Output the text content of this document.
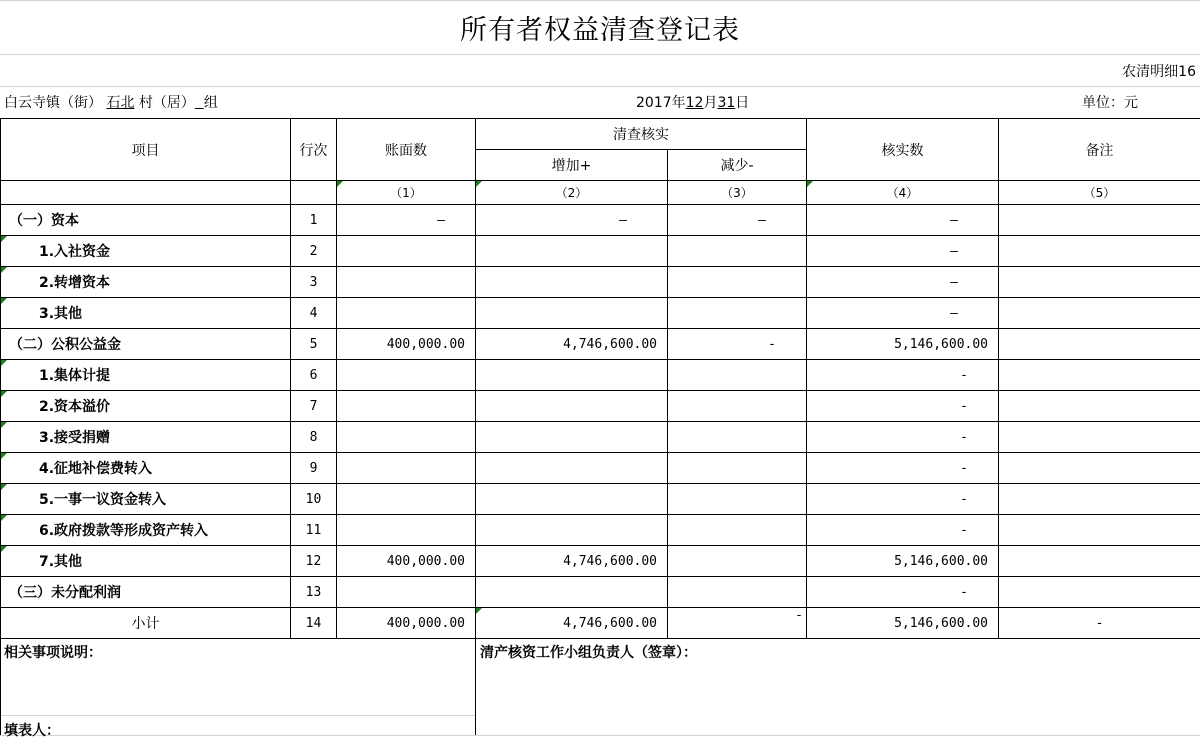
所有者权益清查登记表
农清明细16
白云寺镇（街） 石北 村（居） 组	2017年12月31日	单位：元
项目	行次	账面数	清查核实		核实数	备注
			增加+	减少-		
		（1）	（2）	（3）	（4）	（5）
（一）资本	1	—	—	—	—	
1.入社资金	2				—	
2.转增资本	3				—	
3.其他	4				—	
（二）公积公益金	5	400,000.00	4,746,600.00	-	5,146,600.00	
1.集体计提	6				-	
2.资本溢价	7				-	
3.接受捐赠	8				-	
4.征地补偿费转入	9				-	
5.一事一议资金转入	10				-	
6.政府拨款等形成资产转入	11				-	
7.其他	12	400,000.00	4,746,600.00		5,146,600.00	
（三）未分配利润	13				-	
小计	14	400,000.00	4,746,600.00	-	5,146,600.00	-

相关事项说明：
填表人：			清产核资工作小组负责人（签章）：			
